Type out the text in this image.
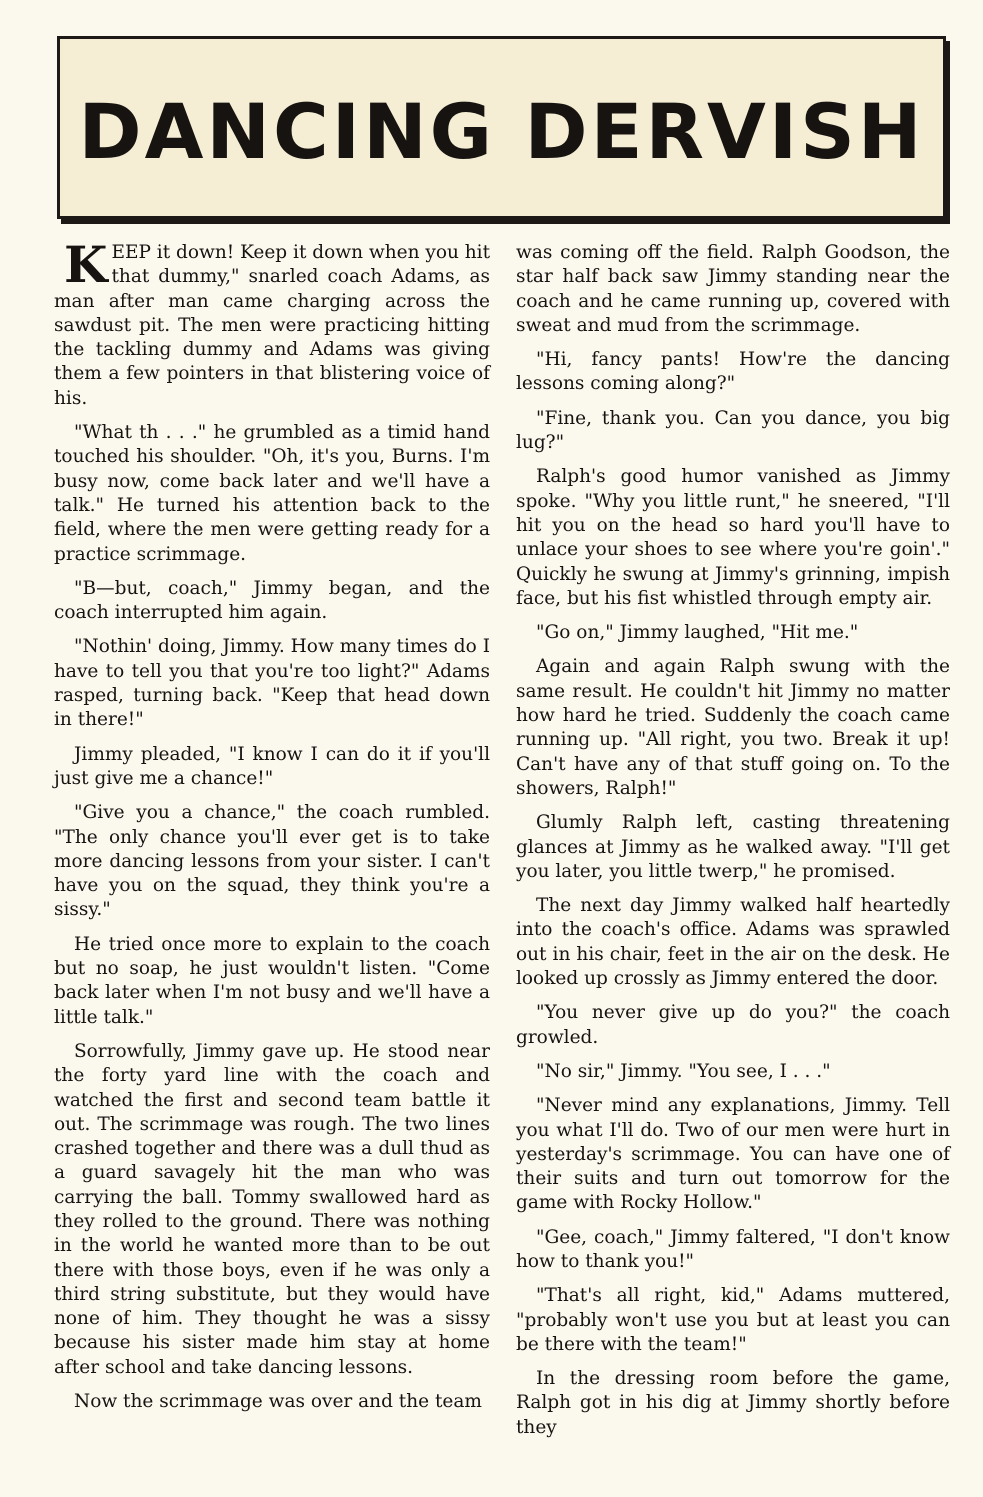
DANCING DERVISH

KEEP it down! Keep it down when you hit that dummy," snarled coach Adams, as man after man came charging across the sawdust pit. The men were practicing hitting the tackling dummy and Adams was giving them a few pointers in that blistering voice of his.

"What th . . ." he grumbled as a timid hand touched his shoulder. "Oh, it's you, Burns. I'm busy now, come back later and we'll have a talk." He turned his attention back to the field, where the men were getting ready for a practice scrimmage.

"B—but, coach," Jimmy began, and the coach interrupted him again.

"Nothin' doing, Jimmy. How many times do I have to tell you that you're too light?" Adams rasped, turning back. "Keep that head down in there!"

Jimmy pleaded, "I know I can do it if you'll just give me a chance!"

"Give you a chance," the coach rumbled. "The only chance you'll ever get is to take more dancing lessons from your sister. I can't have you on the squad, they think you're a sissy."

He tried once more to explain to the coach but no soap, he just wouldn't listen. "Come back later when I'm not busy and we'll have a little talk."

Sorrowfully, Jimmy gave up. He stood near the forty yard line with the coach and watched the first and second team battle it out. The scrimmage was rough. The two lines crashed together and there was a dull thud as a guard savagely hit the man who was carrying the ball. Tommy swallowed hard as they rolled to the ground. There was nothing in the world he wanted more than to be out there with those boys, even if he was only a third string substitute, but they would have none of him. They thought he was a sissy because his sister made him stay at home after school and take dancing lessons.

Now the scrimmage was over and the team

was coming off the field. Ralph Goodson, the star half back saw Jimmy standing near the coach and he came running up, covered with sweat and mud from the scrimmage.

"Hi, fancy pants! How're the dancing lessons coming along?"

"Fine, thank you. Can you dance, you big lug?"

Ralph's good humor vanished as Jimmy spoke. "Why you little runt," he sneered, "I'll hit you on the head so hard you'll have to unlace your shoes to see where you're goin'." Quickly he swung at Jimmy's grinning, impish face, but his fist whistled through empty air.

"Go on," Jimmy laughed, "Hit me."

Again and again Ralph swung with the same result. He couldn't hit Jimmy no matter how hard he tried. Suddenly the coach came running up. "All right, you two. Break it up! Can't have any of that stuff going on. To the showers, Ralph!"

Glumly Ralph left, casting threatening glances at Jimmy as he walked away. "I'll get you later, you little twerp," he promised.

The next day Jimmy walked half heartedly into the coach's office. Adams was sprawled out in his chair, feet in the air on the desk. He looked up crossly as Jimmy entered the door.

"You never give up do you?" the coach growled.

"No sir," Jimmy. "You see, I . . ."

"Never mind any explanations, Jimmy. Tell you what I'll do. Two of our men were hurt in yesterday's scrimmage. You can have one of their suits and turn out tomorrow for the game with Rocky Hollow."

"Gee, coach," Jimmy faltered, "I don't know how to thank you!"

"That's all right, kid," Adams muttered, "probably won't use you but at least you can be there with the team!"

In the dressing room before the game, Ralph got in his dig at Jimmy shortly before they
